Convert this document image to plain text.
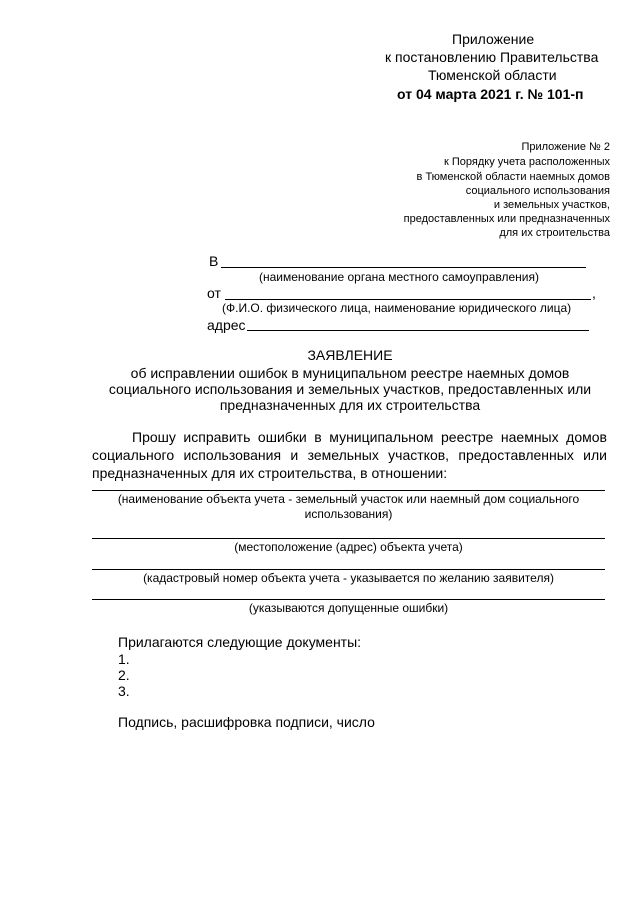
Приложение
к постановлению Правительства
Тюменской области
от 04 марта 2021 г. № 101-п
Приложение № 2
к Порядку учета расположенных
в Тюменской области наемных домов
социального использования
и земельных участков,
предоставленных или предназначенных
для их строительства
В
(наименование органа местного самоуправления)
от	,
(Ф.И.О. физического лица, наименование юридического лица)
адрес
ЗАЯВЛЕНИЕ
об исправлении ошибок в муниципальном реестре наемных домов
социального использования и земельных участков, предоставленных или
предназначенных для их строительства
Прошу исправить ошибки в муниципальном реестре наемных домов социального использования и земельных участков, предоставленных или предназначенных для их строительства, в отношении:
(наименование объекта учета - земельный участок или наемный дом социального использования)
(местоположение (адрес) объекта учета)
(кадастровый номер объекта учета - указывается по желанию заявителя)
(указываются допущенные ошибки)
Прилагаются следующие документы:
1.
2.
3.
Подпись, расшифровка подписи, число
